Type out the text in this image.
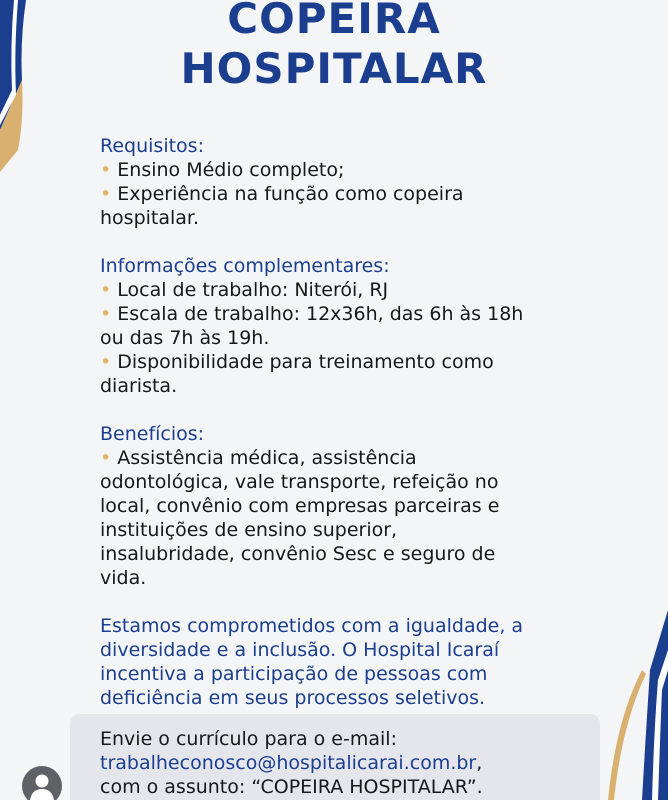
COPEIRA
HOSPITALAR

Requisitos:

• Ensino Médio completo;

• Experiência na função como copeira

hospitalar.

Informações complementares:

• Local de trabalho: Niterói, RJ

• Escala de trabalho: 12x36h, das 6h às 18h

ou das 7h às 19h.

• Disponibilidade para treinamento como

diarista.

Benefícios:

• Assistência médica, assistência

odontológica, vale transporte, refeição no

local, convênio com empresas parceiras e

instituições de ensino superior,

insalubridade, convênio Sesc e seguro de

vida.

Estamos comprometidos com a igualdade, a

diversidade e a inclusão. O Hospital Icaraí

incentiva a participação de pessoas com

deficiência em seus processos seletivos.

Envie o currículo para o e-mail:
trabalheconosco@hospitalicarai.com.br,
com o assunto: “COPEIRA HOSPITALAR”.
